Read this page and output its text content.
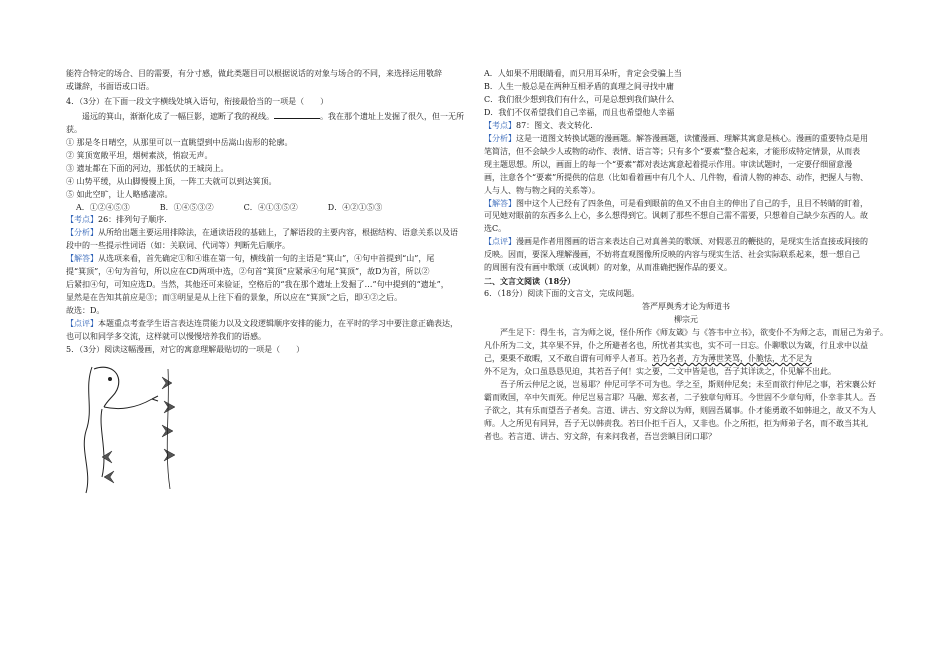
能符合特定的场合、目的需要，有分寸感，做此类题目可以根据说话的对象与场合的不同，来选择运用敬辞

或谦辞，书面语或口语。

4．（3分）在下面一段文字横线处填入语句，衔接最恰当的一项是（　　）

遥远的箕山，渐渐化成了一幅巨影，遮断了我的视线。	。我在那个遗址上发掘了很久，但一无所

获。

① 那是冬日晴空，从那里可以一直眺望到中岳嵩山齿形的轮廓。

② 箕顶宽敞平坦，烟树素淡，悄寂无声。

③ 遗址都在下面的河边，那低伏的王城岗上。

④ 山势平缓，从山脚慢慢上顶，一阵工夫就可以到达箕顶。

⑤ 如此空旷，让人略感凄凉。

A．①②④⑤③	B．①④⑤③②	C．④①③⑤②	D．④②①⑤③

【考点】26：排列句子顺序.

【分析】从所给出题主要运用排除法，在通读语段的基础上，了解语段的主要内容，根据结构、语意关系以及语

段中的一些提示性词语（如：关联词、代词等）判断先后顺序。

【解答】从选项来看，首先确定①和④谁在第一句，横线前一句的主语是“箕山”，④句中首提到“山”，尾

提“箕顶”，④句为首句，所以应在CD两项中选，②句首“箕顶”应紧承④句尾“箕顶”，故D为首，所以②

后紧扣④句，可知应选D。当然，其他还可来验证，空格后的“我在那个遗址上发掘了…”句中提到的“遗址”，

显然是在告知其前应是③；而③明显是从上往下看的景象，所以应在“箕顶”之后，即④②之后。

故选：D。

【点评】本题重点考查学生语言表达连贯能力以及文段逻辑顺序安排的能力，在平时的学习中要注意正确表达，

也可以和同学多交流，这样就可以慢慢培养我们的语感。

5．（3分）阅读这幅漫画，对它的寓意理解最贴切的一项是（　　）

A．人如果不用眼睛看，而只用耳朵听，肯定会受骗上当

B．人生一般总是在两种互相矛盾的真理之间寻找中庸

C．我们很少想到我们有什么，可是总想到我们缺什么

D．我们不仅希望我们自己幸福，而且也希望他人幸福

【考点】87：图文、表文转化.

【分析】这是一道图文转换试题的漫画题。解答漫画题，读懂漫画、理解其寓意是核心。漫画的重要特点是用

笔简洁，但不会缺少人或物的动作、表情、语言等；只有多个“要素”整合起来，才能形成特定情景，从而表

现主题思想。所以，画面上的每一个“要素”都对表达寓意起着提示作用。审读试题时，一定要仔细留意漫

画，注意各个“要素”所提供的信息（比如看着画中有几个人、几件物，看清人物的神态、动作，把握人与物、

人与人、物与物之间的关系等）。

【解答】图中这个人已经有了四条鱼，可是看到眼前的鱼又不由自主的伸出了自己的手，且目不转睛的盯着，

可见她对眼前的东西多么上心，多么想得到它。讽刺了那些不想自己需不需要，只想着自己缺少东西的人。故

选C。

【点评】漫画是作者用图画的语言来表达自己对真善美的歌颂、对假恶丑的鞭挞的，是现实生活直接或间接的

反映。因而，要深入理解漫画，不妨将直观图像所反映的内容与现实生活、社会实际联系起来，想一想自己

的周围有没有画中歌颂（或讽刺）的对象，从而准确把握作品的要义。

二、文言文阅读（18分）

6．（18分）阅读下面的文言文，完成问题。

答严厚舆秀才论为师道书

柳宗元

严生足下：得生书，言为师之说，怪仆所作《师友箴》与《答韦中立书》，欲变仆不为师之志，而屈己为弟子。

凡仆所为二文，其卒果不异，仆之所避者名也，所忧者其实也，实不可一日忘。仆聊歌以为箴，行且求中以益

己，栗栗不敢暇，又不敢自谓有可师乎人者耳。若乃名者，方为薄世笑骂，仆脆怯，尤不足为

外不足为，众口虽恳恳见迫，其若吾子何！实之要，二文中皆是也，吾子其详读之，仆见解不出此。

吾子所云仲尼之说，岂易耶？仲尼可学不可为也。学之至，斯则仲尼矣；未至而欲行仲尼之事，若宋襄公好

霸而败国，卒中矢而死。仲尼岂易言耶？马融、郑玄者，二子独章句师耳。今世固不少章句师，仆幸非其人。吾

子欲之，其有乐而望吾子者矣。言道、讲古、穷文辞以为师，则固吾属事。仆才能勇敢不如韩退之，故又不为人

师。人之所见有同异，吾子无以韩责我。若曰仆拒千百人，又非也。仆之所拒，拒为师弟子名，而不敢当其礼

者也。若言道、讲古、穷文辞，有来问我者，吾岂尝瞋目闭口耶？
